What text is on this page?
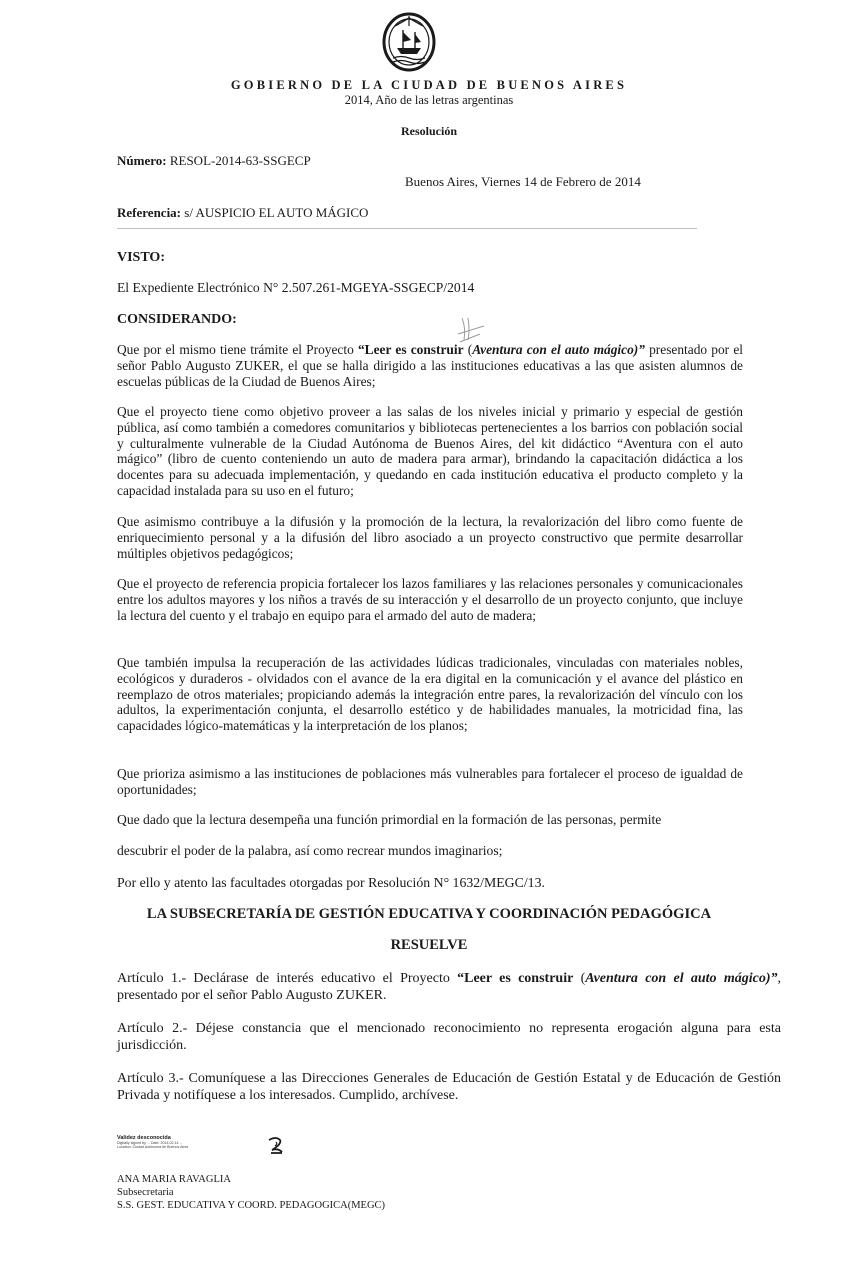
GOBIERNO DE LA CIUDAD DE BUENOS AIRES
2014, Año de las letras argentinas
Resolución
Número: RESOL-2014-63-SSGECP
Buenos Aires, Viernes 14 de Febrero de 2014
Referencia: s/ AUSPICIO EL AUTO MÁGICO
VISTO:
El Expediente Electrónico N° 2.507.261-MGEYA-SSGECP/2014
CONSIDERANDO:

Que por el mismo tiene trámite el Proyecto “Leer es construir (Aventura con el auto mágico)” presentado por el señor Pablo Augusto ZUKER, el que se halla dirigido a las instituciones educativas a las que asisten alumnos de escuelas públicas de la Ciudad de Buenos Aires;

Que el proyecto tiene como objetivo proveer a las salas de los niveles inicial y primario y especial de gestión pública, así como también a comedores comunitarios y bibliotecas pertenecientes a los barrios con población social y culturalmente vulnerable de la Ciudad Autónoma de Buenos Aires, del kit didáctico “Aventura con el auto mágico” (libro de cuento conteniendo un auto de madera para armar), brindando la capacitación didáctica a los docentes para su adecuada implementación, y quedando en cada institución educativa el producto completo y la capacidad instalada para su uso en el futuro;

Que asimismo contribuye a la difusión y la promoción de la lectura, la revalorización del libro como fuente de enriquecimiento personal y a la difusión del libro asociado a un proyecto constructivo que permite desarrollar múltiples objetivos pedagógicos;

Que el proyecto de referencia propicia fortalecer los lazos familiares y las relaciones personales y comunicacionales entre los adultos mayores y los niños a través de su interacción y el desarrollo de un proyecto conjunto, que incluye la lectura del cuento y el trabajo en equipo para el armado del auto de madera;

Que también impulsa la recuperación de las actividades lúdicas tradicionales, vinculadas con materiales nobles, ecológicos y duraderos - olvidados con el avance de la era digital en la comunicación y el avance del plástico en reemplazo de otros materiales; propiciando además la integración entre pares, la revalorización del vínculo con los adultos, la experimentación conjunta, el desarrollo estético y de habilidades manuales, la motricidad fina, las capacidades lógico-matemáticas y la interpretación de los planos;

Que prioriza asimismo a las instituciones de poblaciones más vulnerables para fortalecer el proceso de igualdad de oportunidades;

Que dado que la lectura desempeña una función primordial en la formación de las personas, permite
descubrir el poder de la palabra, así como recrear mundos imaginarios;
Por ello y atento las facultades otorgadas por Resolución N° 1632/MEGC/13.
LA SUBSECRETARÍA DE GESTIÓN EDUCATIVA Y COORDINACIÓN PEDAGÓGICA
RESUELVE

Artículo 1.- Declárase de interés educativo el Proyecto “Leer es construir (Aventura con el auto mágico)”, presentado por el señor Pablo Augusto ZUKER.

Artículo 2.- Déjese constancia que el mencionado reconocimiento no representa erogación alguna para esta jurisdicción.

Artículo 3.- Comuníquese a las Direcciones Generales de Educación de Gestión Estatal y de Educación de Gestión Privada y notifíquese a los interesados. Cumplido, archívese.

Validez desconocida
Digitally signed by ... Date: 2014.02.14 ...
Location: Ciudad Autónoma de Buenos Aires
ANA MARIA RAVAGLIA
Subsecretaria
S.S. GEST. EDUCATIVA Y COORD. PEDAGOGICA(MEGC)
